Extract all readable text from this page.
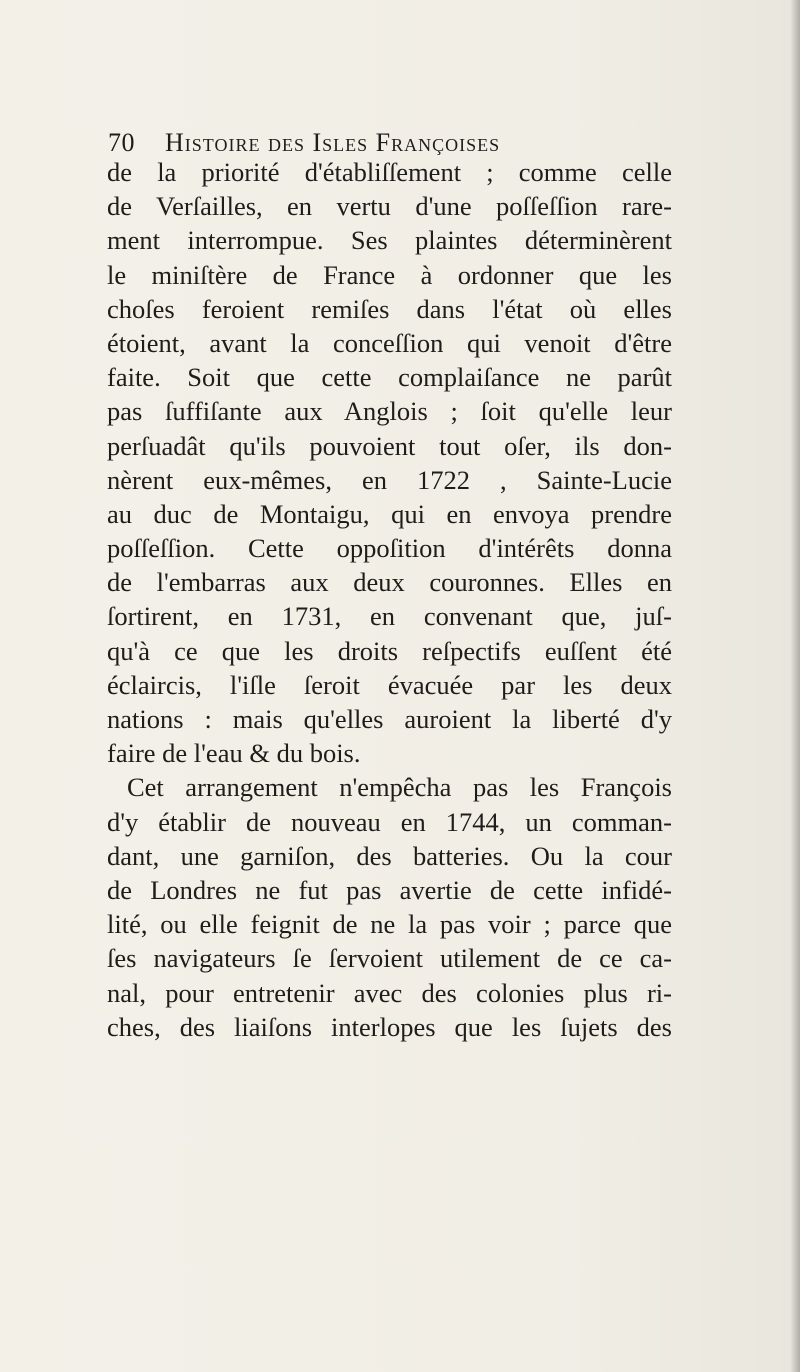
70 Histoire des Isles Françoises
de la priorité d'établiſſement ; comme celle
de Verſailles, en vertu d'une poſſeſſion rare-
ment interrompue. Ses plaintes déterminèrent
le miniſtère de France à ordonner que les
choſes feroient remiſes dans l'état où elles
étoient, avant la conceſſion qui venoit d'être
faite. Soit que cette complaiſance ne parût
pas ſuffiſante aux Anglois ; ſoit qu'elle leur
perſuadât qu'ils pouvoient tout oſer, ils don-
nèrent eux-mêmes, en 1722 , Sainte-Lucie
au duc de Montaigu, qui en envoya prendre
poſſeſſion. Cette oppoſition d'intérêts donna
de l'embarras aux deux couronnes. Elles en
ſortirent, en 1731, en convenant que, juſ-
qu'à ce que les droits reſpectifs euſſent été
éclaircis, l'iſle ſeroit évacuée par les deux
nations : mais qu'elles auroient la liberté d'y
faire de l'eau & du bois.
Cet arrangement n'empêcha pas les François
d'y établir de nouveau en 1744, un comman-
dant, une garniſon, des batteries. Ou la cour
de Londres ne fut pas avertie de cette infidé-
lité, ou elle feignit de ne la pas voir ; parce que
ſes navigateurs ſe ſervoient utilement de ce ca-
nal, pour entretenir avec des colonies plus ri-
ches, des liaiſons interlopes que les ſujets des
